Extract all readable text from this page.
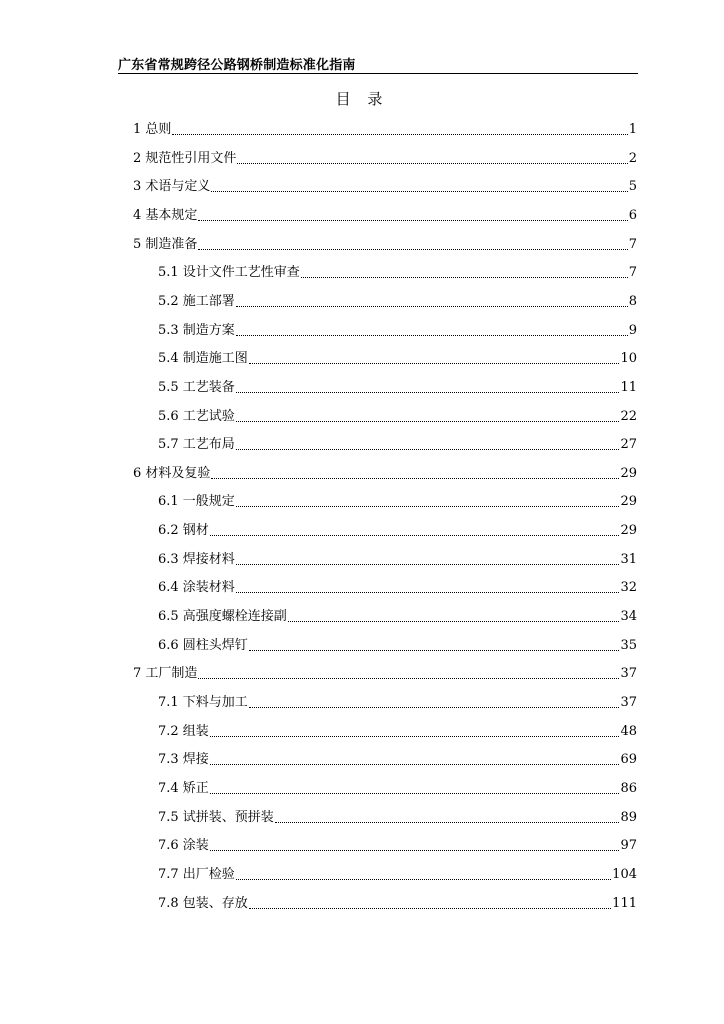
广东省常规跨径公路钢桥制造标准化指南
目 录
1 总则	1
2 规范性引用文件	2
3 术语与定义	5
4 基本规定	6
5 制造准备	7
5.1 设计文件工艺性审查	7
5.2 施工部署	8
5.3 制造方案	9
5.4 制造施工图	10
5.5 工艺装备	11
5.6 工艺试验	22
5.7 工艺布局	27
6 材料及复验	29
6.1 一般规定	29
6.2 钢材	29
6.3 焊接材料	31
6.4 涂装材料	32
6.5 高强度螺栓连接副	34
6.6 圆柱头焊钉	35
7 工厂制造	37
7.1 下料与加工	37
7.2 组装	48
7.3 焊接	69
7.4 矫正	86
7.5 试拼装、预拼装	89
7.6 涂装	97
7.7 出厂检验	104
7.8 包装、存放	111
